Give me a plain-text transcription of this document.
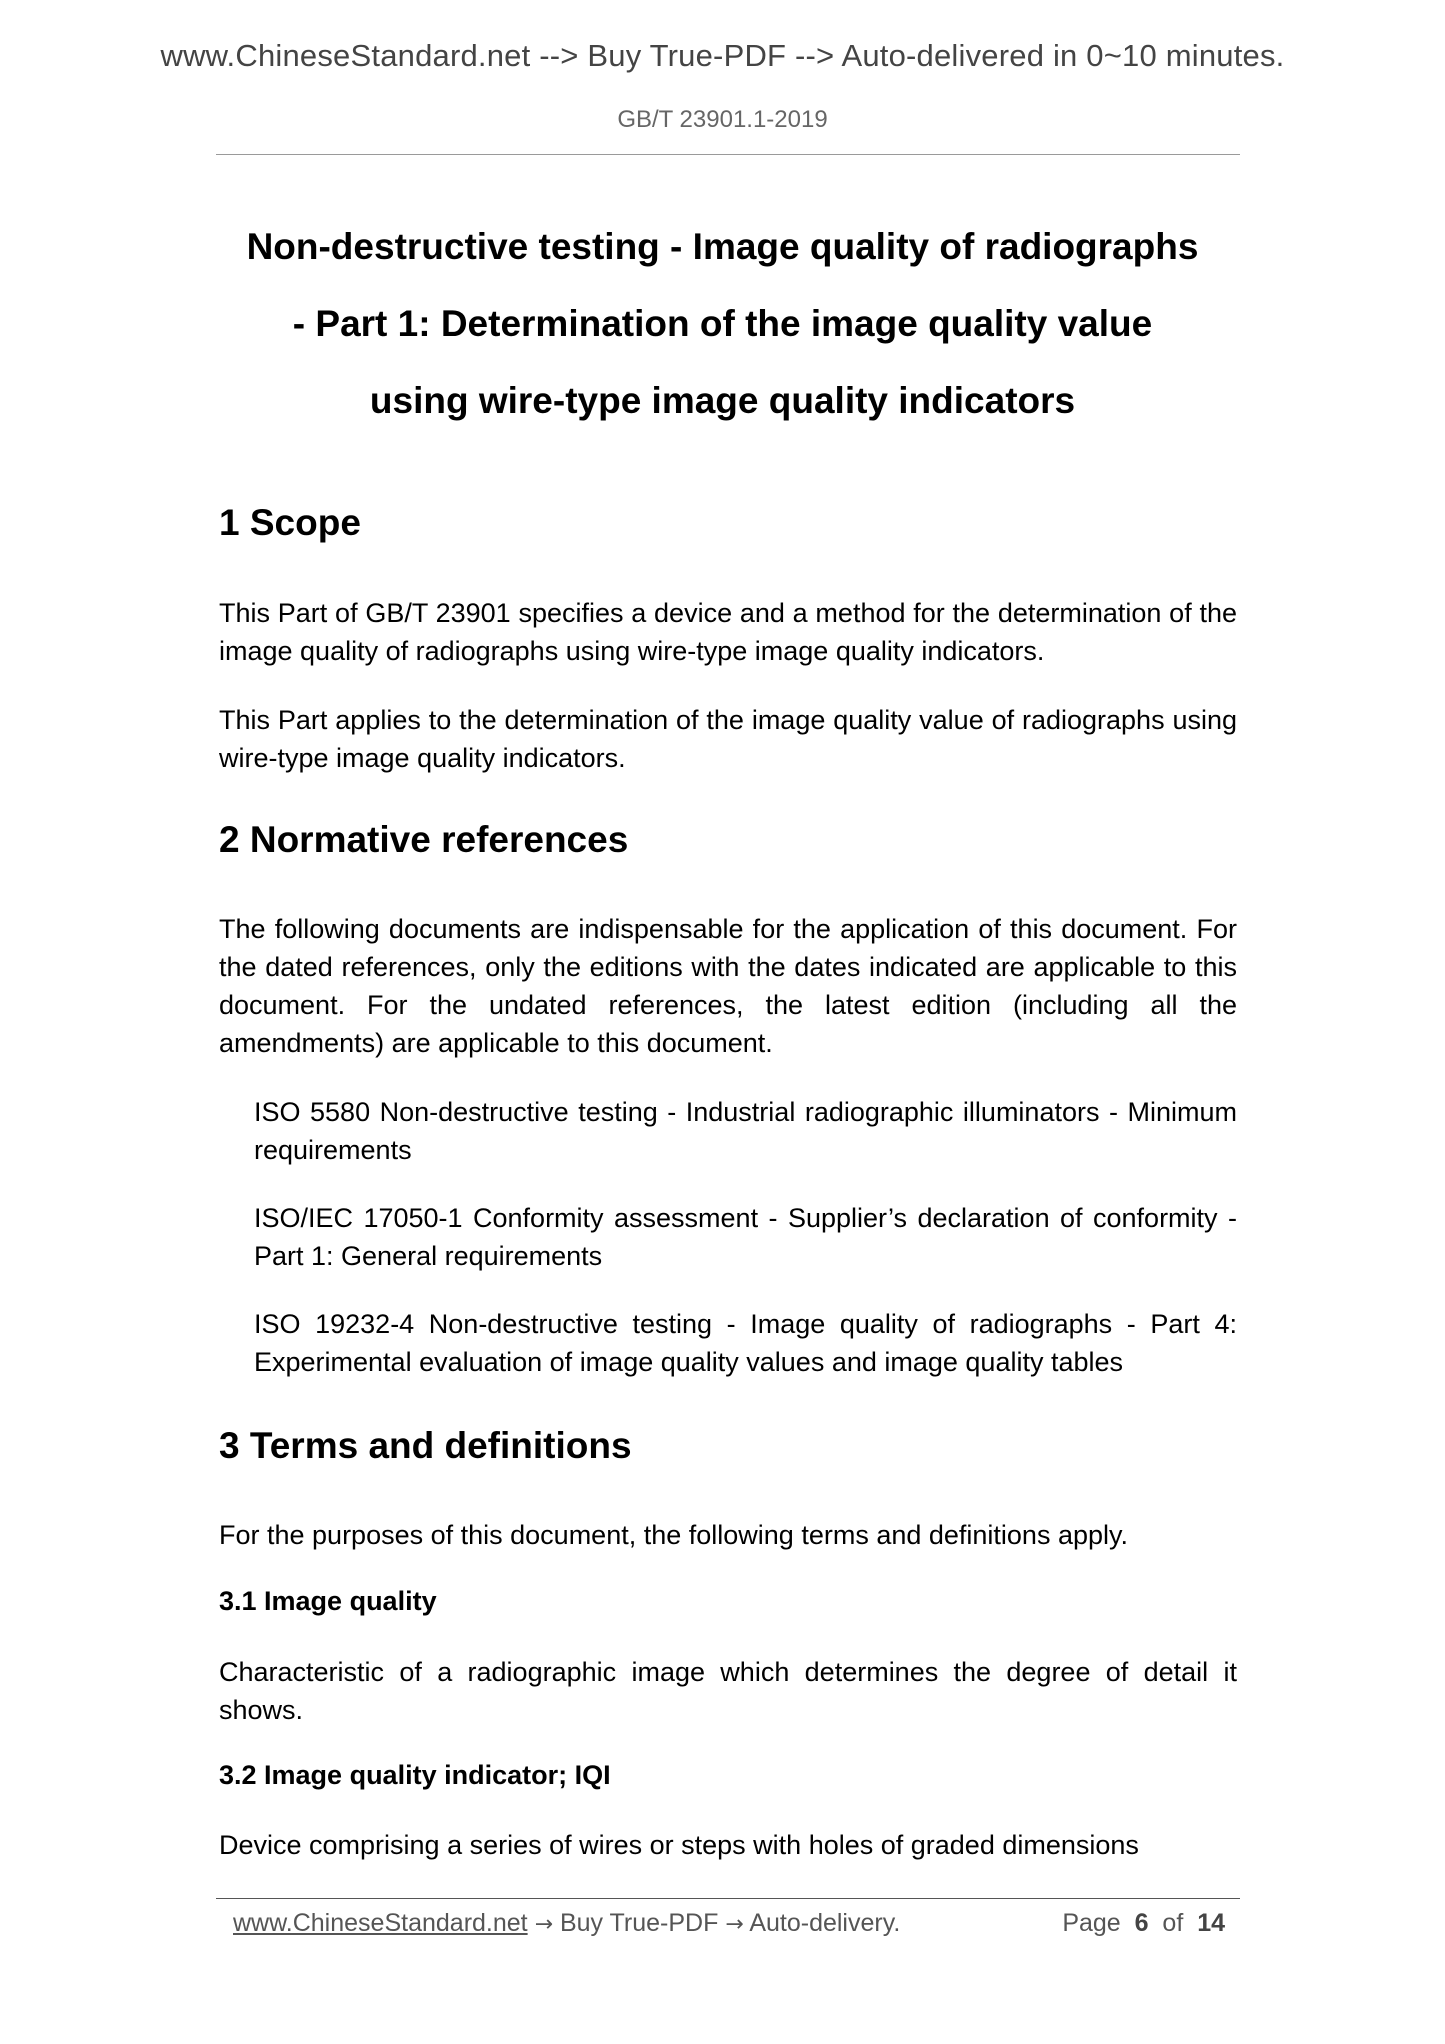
www.ChineseStandard.net --> Buy True-PDF --> Auto-delivered in 0~10 minutes.
GB/T 23901.1-2019
Non-destructive testing - Image quality of radiographs
- Part 1: Determination of the image quality value
using wire-type image quality indicators
1 Scope

This Part of GB/T 23901 specifies a device and a method for the determination of the image quality of radiographs using wire-type image quality indicators.

This Part applies to the determination of the image quality value of radiographs using wire-type image quality indicators.

2 Normative references

The following documents are indispensable for the application of this document. For the dated references, only the editions with the dates indicated are applicable to this document. For the undated references, the latest edition (including all the amendments) are applicable to this document.

ISO 5580 Non-destructive testing - Industrial radiographic illuminators - Minimum requirements

ISO/IEC 17050-1 Conformity assessment - Supplier’s declaration of conformity - Part 1: General requirements

ISO 19232-4 Non-destructive testing - Image quality of radiographs - Part 4: Experimental evaluation of image quality values and image quality tables

3 Terms and definitions

For the purposes of this document, the following terms and definitions apply.

3.1 Image quality

Characteristic of a radiographic image which determines the degree of detail it shows.

3.2 Image quality indicator; IQI

Device comprising a series of wires or steps with holes of graded dimensions

www.ChineseStandard.net → Buy True-PDF → Auto-delivery.	Page 6 of 14
